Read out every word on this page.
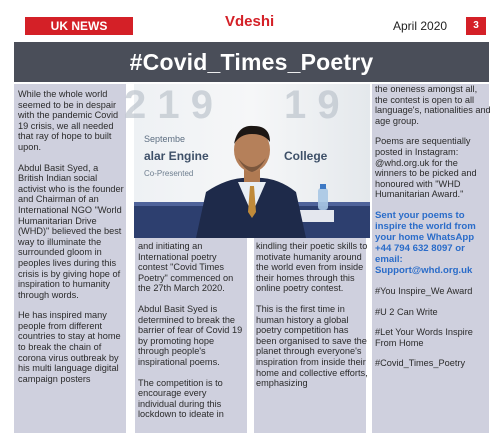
UK NEWS	Vdeshi	April 2020	3
#Covid_Times_Poetry
2 1 9 1 9
Septembe
alar Engine	College
Co-Presented

While the whole world seemed to be in despair with the pandemic Covid 19 crisis, we all needed that ray of hope to built upon.

Abdul Basit Syed, a British Indian social activist who is the founder and Chairman of an International NGO "World Humanitarian Drive (WHD)" believed the best way to illuminate the surrounded gloom in peoples lives during this crisis is by giving hope of inspiration to humanity through words.

He has inspired many people from different countries to stay at home to break the chain of corona virus outbreak by his multi language digital campaign posters

and initiating an International poetry contest "Covid Times Poetry" commenced on the 27th March 2020.

Abdul Basit Syed is determined to break the barrier of fear of Covid 19 by promoting hope through people's inspirational poems.

The competition is to encourage every individual during this lockdown to ideate in

kindling their poetic skills to motivate humanity around the world even from inside their homes through this online poetry contest.

This is the first time in human history a global poetry competition has been organised to save the planet through everyone's inspiration from inside their home and collective efforts, emphasizing

the oneness amongst all, the contest is open to all language's, nationalities and age group.

Poems are sequentially posted in Instagram: @whd.org.uk for the winners to be picked and honoured with "WHD Humanitarian Award."

Sent your poems to inspire the world from your home WhatsApp +44 794 632 8097 or email: Support@whd.org.uk

#You Inspire_We Award

#U 2 Can Write

#Let Your Words Inspire From Home

#Covid_Times_Poetry
